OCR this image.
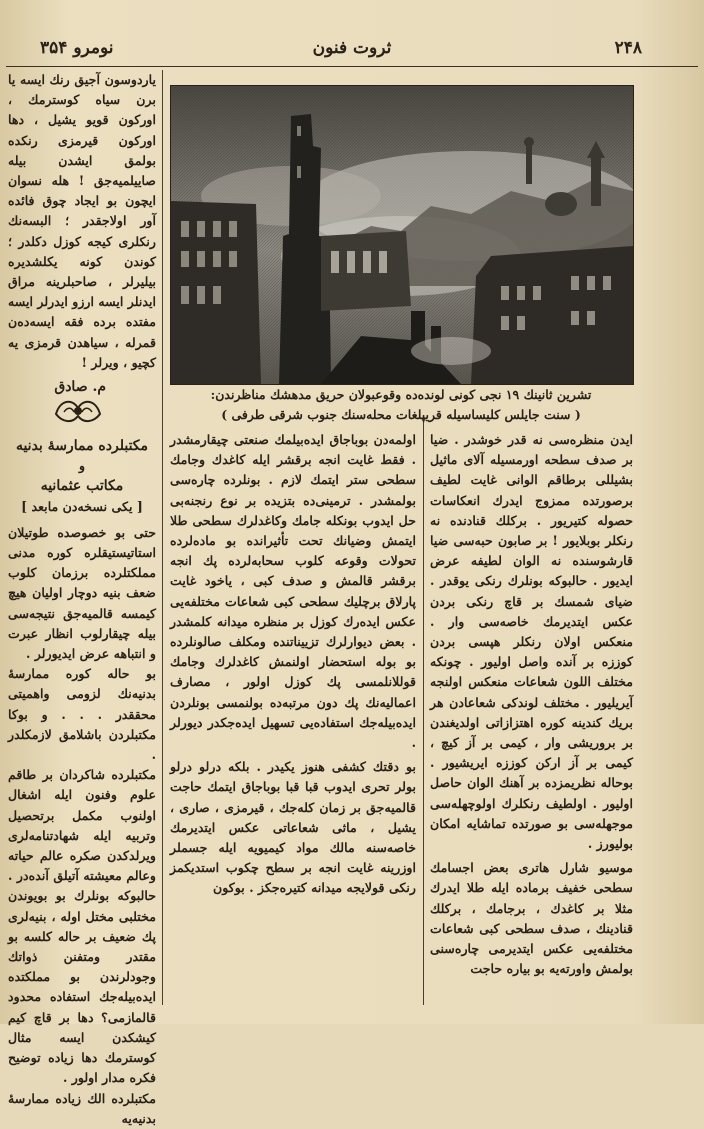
۲۴۸
ثروت فنون
نومرو ۳۵۴
تشرین ثانینك ۱۹ نجی کونی لونده‌ده وقوعبولان حریق مدهشك مناظرندن:
( سنت جایلس کلیساسیله قریپلغات محله‌سنك جنوب شرقی طرفی )

یاردوسون آجیق رنك ایسه یا برن سیاه کوسترمك ، اورکون قویو یشیل ، دها اورکون قیرمزی رنکده بولمق ایشدن بیله صاییلمیه‌جق ! هله نسوان ایچون بو ایجاد چوق فائده آور اولاجقدر ؛ البسه‌نك رنکلری کیجه کوزل دکلدر ؛ کوندن کونه یکلشدیره بیلیرلر ، صاحبلرینه مراق ایدنلر ایسه ارزو ایدرلر ایسه مفتده برده فقه ایسه‌ده‌ن قمرله ، سیاهدن قرمزی یه کچیو ، ویرلر !

م. صادق

مکتبلرده ممارسهٔ بدنیه

و

مکاتب عثمانیه

[ یکی نسخه‌دن مابعد ]

حتی بو خصوصده طوتیلان استاتیستیقلره کوره مدنی مملکتلرده برزمان کلوب ضعف بنیه دوچار اولیان هیچ کیمسه قالمیه‌جق نتیجه‌سی بیله چیقارلوب انظار عبرت و انتباهه عرض ایدیورلر .

بو حاله کوره ممارسهٔ بدنیه‌نك لزومی واهمیتی محققدر . . . و بوکا مکتبلردن باشلامق لازمکلدر .

مکتبلرده شاکردان بر طاقم علوم وفنون ایله اشغال اولنوب مکمل برتحصیل وتربیه ایله شهادتنامه‌لری ویرلدکدن صکره عالم حیاته وعالم معیشته آتیلق آنده‌در . حالبوکه بونلرك بو بویوندن مختلبی مختل اوله ، بنیه‌لری پك ضعیف بر حاله کلسه بو مقتدر ومتفنن ذواتك وجودلرندن بو مملکتده ایده‌بیله‌جك استفاده محدود قالمازمی؟ دها بر قاچ کیم کیشکدن ایسه مثال کوسترمك دها زیاده توضیح فکره مدار اولور .

مکتبلرده الك زیاده ممارسهٔ بدنیه‌یه

اولمه‌دن بوباجاق ایده‌بیلمك صنعتی چیقارمشدر . فقط غایت انجه برقشر ایله کاغدك وجامك سطحی ستر ایتمك لازم . بونلرده چاره‌سی بولمشدر . ترمینی‌ده بتزیده بر نوع رنجنه‌بی حل ایدوب بونکله جامك وکاغدلرك سطحی طلا ایتمش وضیانك تحت تأثیرانده بو ماده‌لرده تحولات وقوعه کلوب سحابه‌لرده پك انجه برقشر قالمش و صدف کبی ، یاخود غایت پارلاق برچلیك سطحی کبی شعاعات مختلفه‌یی عکس ایده‌رك کوزل بر منظره میدانه کلمشدر . بعض دیوارلرك تزییناتنده ومکلف صالونلرده بو بوله استحضار اولنمش کاغدلرك وجامك قوللانلمسی پك کوزل اولور ، مصارف اعمالیه‌نك پك دون مرتبه‌ده بولنمسی بونلردن ایده‌بیله‌جك استفاده‌یی تسهیل ایده‌جکدر دیورلر .

بو دقتك کشفی هنوز یکیدر . بلکه درلو درلو بولر تحری ایدوب قبا قبا بوباجاق ایتمك حاجت قالمیه‌جق بر زمان کله‌جك ، قیرمزی ، صاری ، یشیل ، ماثی شعاعاتی عکس ایتدیرمك خاصه‌سنه مالك مواد کیمیویه ایله جسملر اوزرینه غایت انجه بر سطح چکوب استدیکمز رنکی قولایجه میدانه کتیره‌جکز . بوکون

ایدن منظره‌سی نه قدر خوشدر . ضیا بر صدف سطحه اورمسیله آلای ماثیل بشیللی برطاقم الوانی غایت لطیف برصورتده ممزوج ایدرك انعکاسات حصوله کتیریور . برکلك قنادنده نه رنکلر بوبلایور ! بر صابون حبه‌سی ضیا قارشوسنده نه الوان لطیفه عرض ایدیور . حالبوکه بونلرك رنکی یوقدر . ضیای شمسك بر قاچ رنکی بردن عکس ایتدیرمك خاصه‌سی وار . منعکس اولان رنکلر هپسی بردن کوززه بر آنده واصل اولیور . چونکه مختلف اللون شعاعات منعکس اولنجه آیریلیور . مختلف لوندکی شعاعادن هر بریك کندینه کوره اهتزازاتی اولدیغندن بر بروریشی وار ، کیمی بر آز کیچ ، کیمی بر آز ارکن کوززه ایریشیور . بوحاله نظریمزده بر آهنك الوان حاصل اولیور . اولطیف رنکلرك اولوچهله‌سی موجهله‌سی بو صورتده تماشایه امکان بولیورز .

موسیو شارل هاتری بعض اجسامك سطحی خفیف برماده ایله طلا ایدرك مثلا بر کاغدك ، برجامك ، برکلك قنادینك ، صدف سطحی کبی شعاعات مختلفه‌یی عکس ایتدیرمی چاره‌سنی بولمش واورته‌یه بو بیاره حاجت
